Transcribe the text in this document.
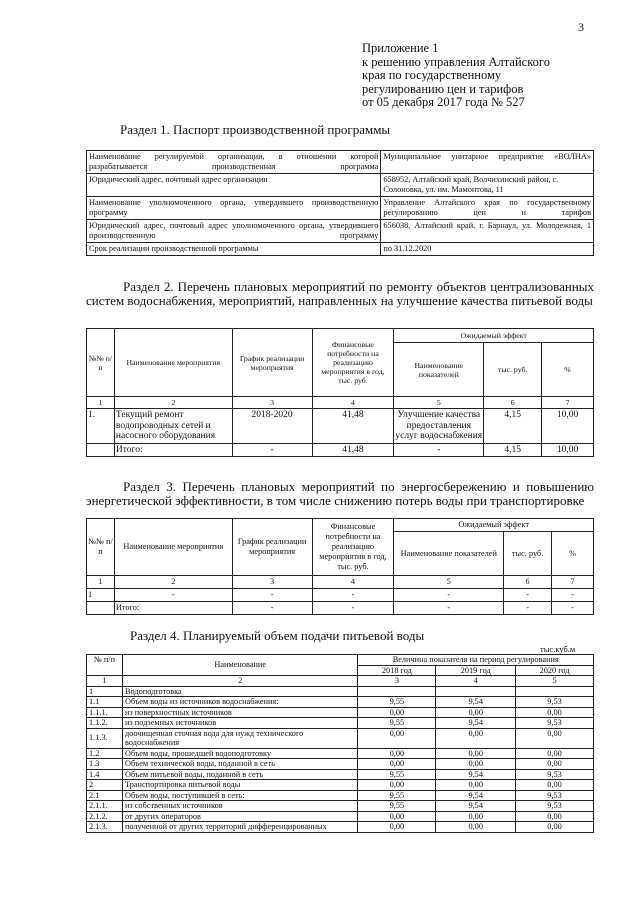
3
Приложение 1
к решению управления Алтайского
края по государственному
регулированию цен и тарифов
от 05 декабря 2017 года № 527
Раздел 1. Паспорт производственной программы
Наименование регулируемой организации, в отношении которой разрабатывается производственная программа	Муниципальное унитарное предприятие «ВОЛНА»
Юридический адрес, почтовый адрес организации	658952, Алтайский край, Волчихинский район, с. Солоновка, ул. им. Мамонтова, 11
Наименование уполномоченного органа, утвердившего производственную программу	Управление Алтайского края по государственному регулированию цен и тарифов
Юридический адрес, почтовый адрес уполномоченного органа, утвердившего производственную программу	656038, Алтайский край, г. Барнаул, ул. Молодежная, 1
Срок реализации производственной программы	по 31.12.2020
Раздел 2. Перечень плановых мероприятий по ремонту объектов централизованных систем водоснабжения, мероприятий, направленных на улучшение качества питьевой воды
№№ п/п	Наименование мероприятия	График реализации мероприятия	Финансовые потребности на реализацию мероприятия в год, тыс. руб.	Ожидаемый эффект		
				Наименование показателей	тыс. руб.	%
1	2	3	4	5	6	7
1.	Текущий ремонт водопроводных сетей и насосного оборудования	2018-2020	41,48	Улучшение качества предоставления услуг водоснабжения	4,15	10,00
	Итого:	-	41,48	-	4,15	10,00
Раздел 3. Перечень плановых мероприятий по энергосбережению и повышению энергетической эффективности, в том числе снижению потерь воды при транспортировке
№№ п/п	Наименование мероприятия	График реализации мероприятия	Финансовые потребности на реализацию мероприятия в год, тыс. руб.	Ожидаемый эффект		
				Наименование показателей	тыс. руб.	%
1	2	3	4	5	6	7
1	-	-	-	-	-	-
	Итого:	-	-	-	-	-
Раздел 4. Планируемый объем подачи питьевой воды
тыс.куб.м
№ п/п	Наименование	Величина показателя на период регулирования		
		2018 год	2019 год	2020 год
1	2	3	4	5
1	Водоподготовка			
1.1	Объем воды из источников водоснабжения:	9,55	9,54	9,53
1.1.1.	из поверхностных источников	0,00	0,00	0,00
1.1.2.	из подземных источников	9,55	9,54	9,53
1.1.3.	доочищенная сточная вода для нужд технического водоснабжения	0,00	0,00	0,00
1.2	Объем воды, прошедшей водоподготовку	0,00	0,00	0,00
1.3	Объем технической воды, поданной в сеть	0,00	0,00	0,00
1.4	Объем питьевой воды, поданной в сеть	9,55	9,54	9,53
2	Транспортировка питьевой воды	0,00	0,00	0,00
2.1	Объем воды, поступившей в сеть:	9,55	9,54	9,53
2.1.1.	из собственных источников	9,55	9,54	9,53
2.1.2.	от других операторов	0,00	0,00	0,00
2.1.3.	полученной от других территорий дифференцированных	0,00	0,00	0,00
